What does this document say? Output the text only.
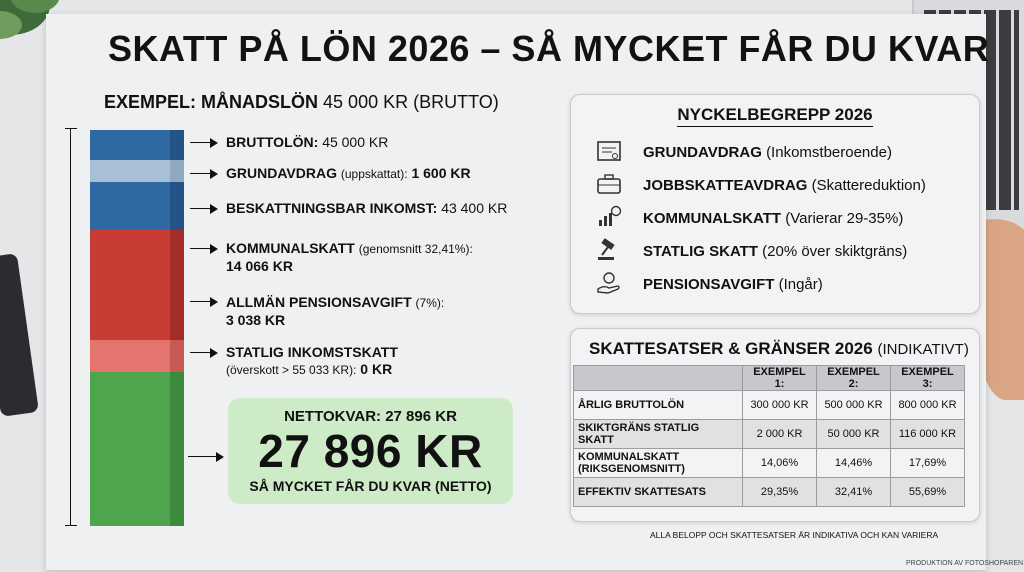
SKATT PÅ LÖN 2026 – SÅ MYCKET FÅR DU KVAR
EXEMPEL: MÅNADSLÖN 45 000 KR (BRUTTO)
BRUTTOLÖN: 45 000 KR
GRUNDAVDRAG (uppskattat): 1 600 KR
BESKATTNINGSBAR INKOMST: 43 400 KR
KOMMUNALSKATT (genomsnitt 32,41%):
14 066 KR
ALLMÄN PENSIONSAVGIFT (7%):
3 038 KR
STATLIG INKOMSTSKATT
(överskott > 55 033 KR): 0 KR
NETTOKVAR: 27 896 KR
27 896 KR
SÅ MYCKET FÅR DU KVAR (NETTO)
NYCKELBEGREPP 2026
GRUNDAVDRAG (Inkomstberoende)
JOBBSKATTEAVDRAG (Skattereduktion)
KOMMUNALSKATT (Varierar 29-35%)
STATLIG SKATT (20% över skiktgräns)
PENSIONSAVGIFT (Ingår)
SKATTESATSER & GRÄNSER 2026 (INDIKATIVT)
	EXEMPEL 1:	EXEMPEL 2:	EXEMPEL 3:
ÅRLIG BRUTTOLÖN	300 000 KR	500 000 KR	800 000 KR
SKIKTGRÄNS STATLIG SKATT	2 000 KR	50 000 KR	116 000 KR
KOMMUNALSKATT (RIKSGENOMSNITT)	14,06%	14,46%	17,69%
EFFEKTIV SKATTESATS	29,35%	32,41%	55,69%
ALLA BELOPP OCH SKATTESATSER ÄR INDIKATIVA OCH KAN VARIERA
PRODUKTION AV FOTOSHOPAREN
